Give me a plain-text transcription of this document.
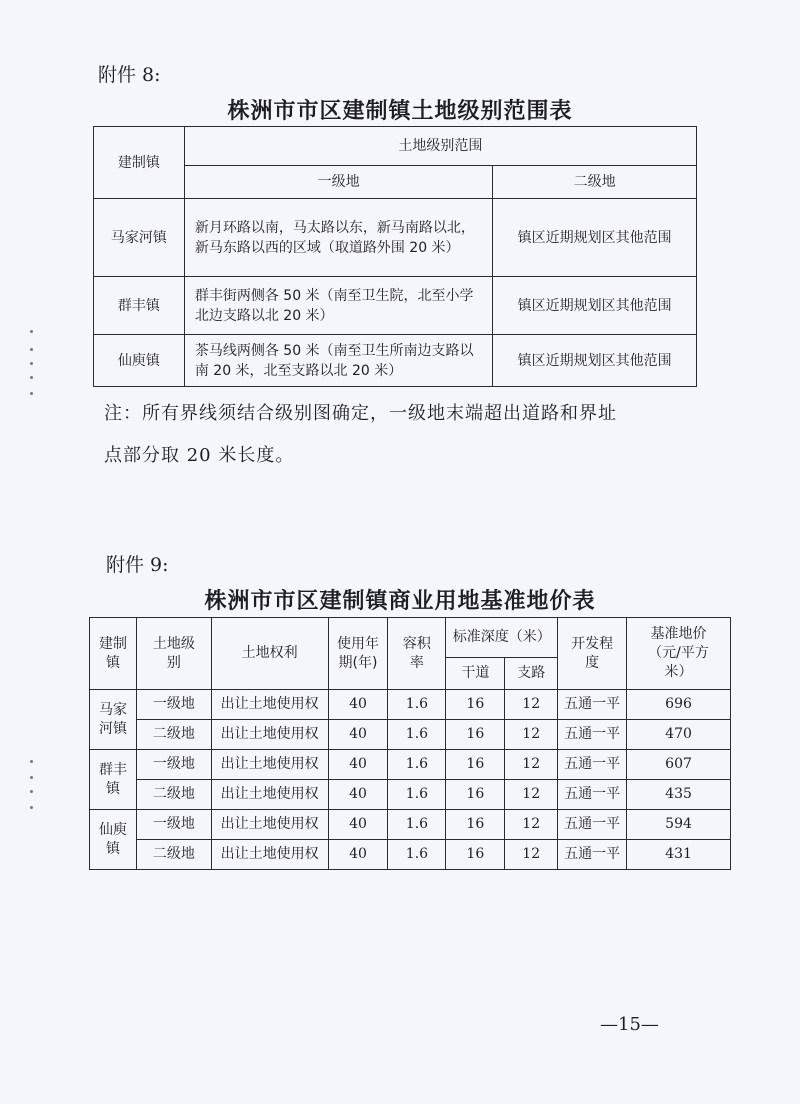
附件 8:
株洲市市区建制镇土地级别范围表
建制镇	土地级别范围	
	一级地	二级地
马家河镇	新月环路以南，马太路以东，新马南路以北，新马东路以西的区域（取道路外围 20 米）	镇区近期规划区其他范围
群丰镇	群丰街两侧各 50 米（南至卫生院，北至小学北边支路以北 20 米）	镇区近期规划区其他范围
仙庾镇	茶马线两侧各 50 米（南至卫生所南边支路以南 20 米，北至支路以北 20 米）	镇区近期规划区其他范围
注：所有界线须结合级别图确定，一级地末端超出道路和界址
点部分取 20 米长度。
附件 9:
株洲市市区建制镇商业用地基准地价表
建制镇	土地级别	土地权利	使用年期(年)	容积率	标准深度（米）		开发程度	基准地价（元/平方米）
					干道	支路		
马家河镇	一级地	出让土地使用权	40	1.6	16	12	五通一平	696
	二级地	出让土地使用权	40	1.6	16	12	五通一平	470
群丰镇	一级地	出让土地使用权	40	1.6	16	12	五通一平	607
	二级地	出让土地使用权	40	1.6	16	12	五通一平	435
仙庾镇	一级地	出让土地使用权	40	1.6	16	12	五通一平	594
	二级地	出让土地使用权	40	1.6	16	12	五通一平	431
—15—
